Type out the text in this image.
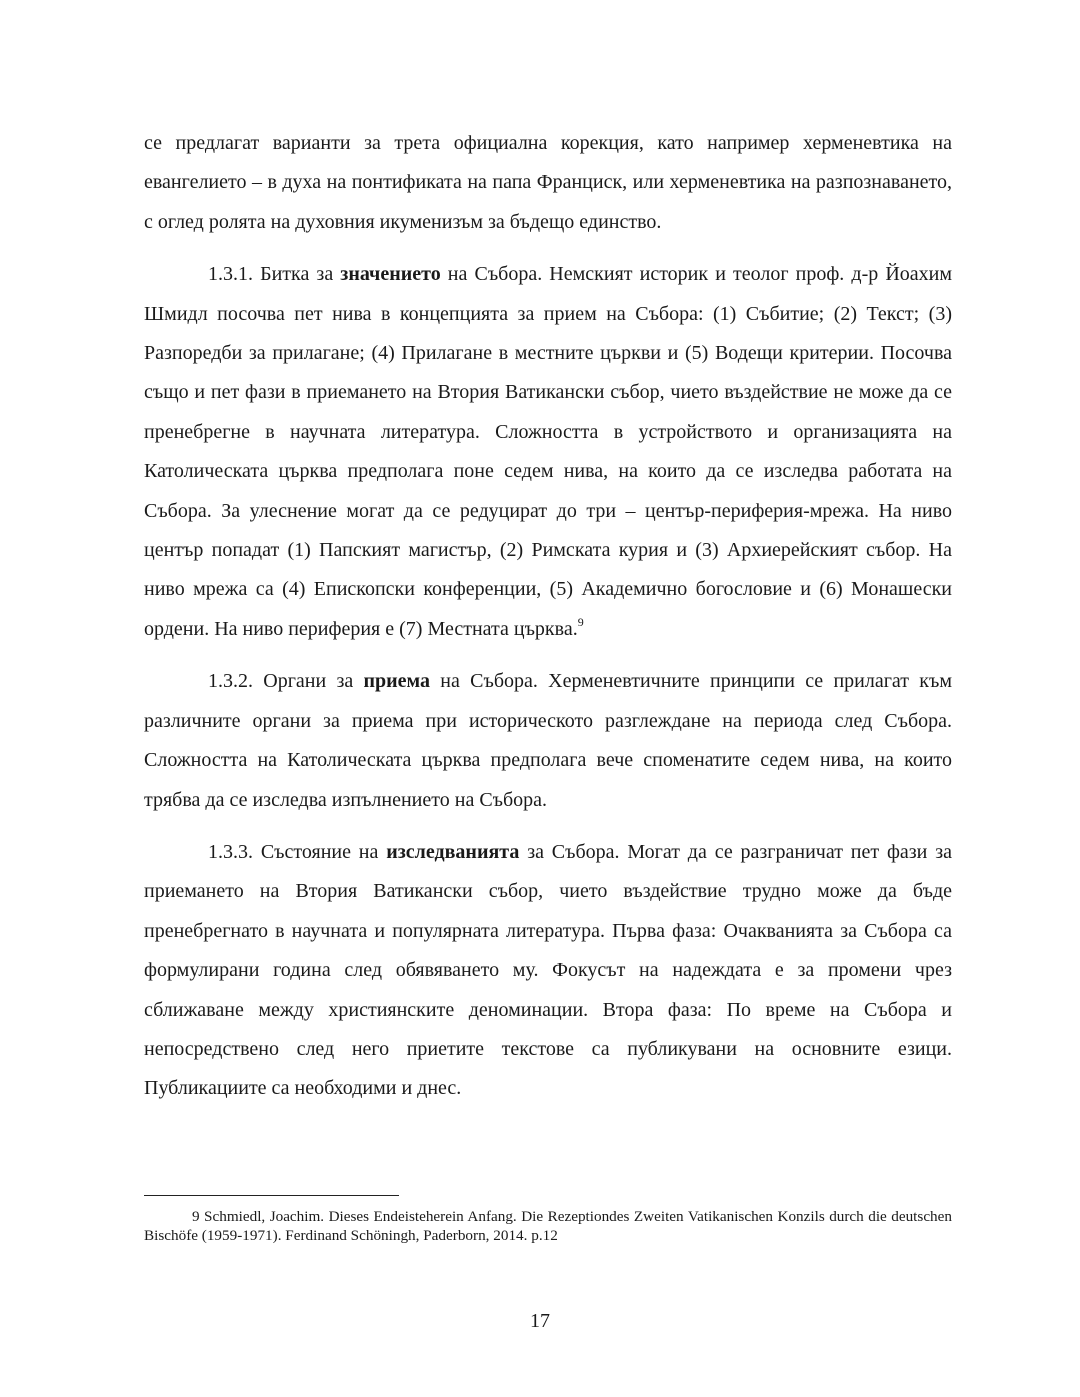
се предлагат варианти за трета официална корекция, като например херменевтика на евангелието – в духа на понтификата на папа Франциск, или херменевтика на разпознаването, с оглед ролята на духовния икуменизъм за бъдещо единство.

1.3.1. Битка за значението на Събора. Немският историк и теолог проф. д-р Йоахим Шмидл посочва пет нива в концепцията за прием на Събора: (1) Събитие; (2) Текст; (3) Разпоредби за прилагане; (4) Прилагане в местните църкви и (5) Водещи критерии. Посочва също и пет фази в приемането на Втория Ватикански събор, чието въздействие не може да се пренебрегне в научната литература. Сложността в устройството и организацията на Католическата църква предполага поне седем нива, на които да се изследва работата на Събора. За улеснение могат да се редуцират до три – център-периферия-мрежа. На ниво център попадат (1) Папският магистър, (2) Римската курия и (3) Архиерейският събор. На ниво мрежа са (4) Епископски конференции, (5) Академично богословие и (6) Монашески ордени. На ниво периферия е (7) Местната църква.$^9$

1.3.2. Органи за приема на Събора. Херменевтичните принципи се прилагат към различните органи за приема при историческото разглеждане на периода след Събора. Сложността на Католическата църква предполага вече споменатите седем нива, на които трябва да се изследва изпълнението на Събора.

1.3.3. Състояние на изследванията за Събора. Могат да се разграничат пет фази за приемането на Втория Ватикански събор, чието въздействие трудно може да бъде пренебрегнато в научната и популярната литература. Първа фаза: Очакванията за Събора са формулирани година след обявяването му. Фокусът на надеждата е за промени чрез сближаване между християнските деноминации. Втора фаза: По време на Събора и непосредствено след него приетите текстове са публикувани на основните езици. Публикациите са необходими и днес.

9 Schmiedl, Joachim. Dieses Endeisteherein Anfang. Die Rezeptiondes Zweiten Vatikanischen Konzils durch die deutschen Bischöfe (1959-1971). Ferdinand Schöningh, Paderborn, 2014. p.12

17
